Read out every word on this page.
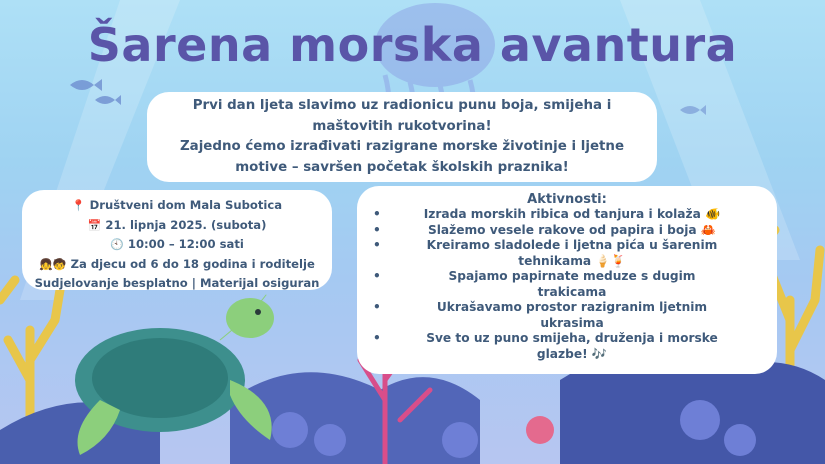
Šarena morska avantura

Prvi dan ljeta slavimo uz radionicu punu boja, smijeha i

maštovitih rukotvorina!

Zajedno ćemo izrađivati razigrane morske životinje i ljetne

motive – savršen početak školskih praznika!

📍 Društveni dom Mala Subotica
📅 21. lipnja 2025. (subota)
🕙 10:00 – 12:00 sati
👧🧒 Za djecu od 6 do 18 godina i roditelje
Sudjelovanje besplatno | Materijal osiguran
Aktivnosti:
• Izrada morskih ribica od tanjura i kolaža 🐠
• Slažemo vesele rakove od papira i boja 🦀
• Kreiramo sladolede i ljetna pića u šarenim
tehnikama 🍦🍹
• Spajamo papirnate meduze s dugim
trakicama
• Ukrašavamo prostor razigranim ljetnim
ukrasima
• Sve to uz puno smijeha, druženja i morske
glazbe! 🎶
